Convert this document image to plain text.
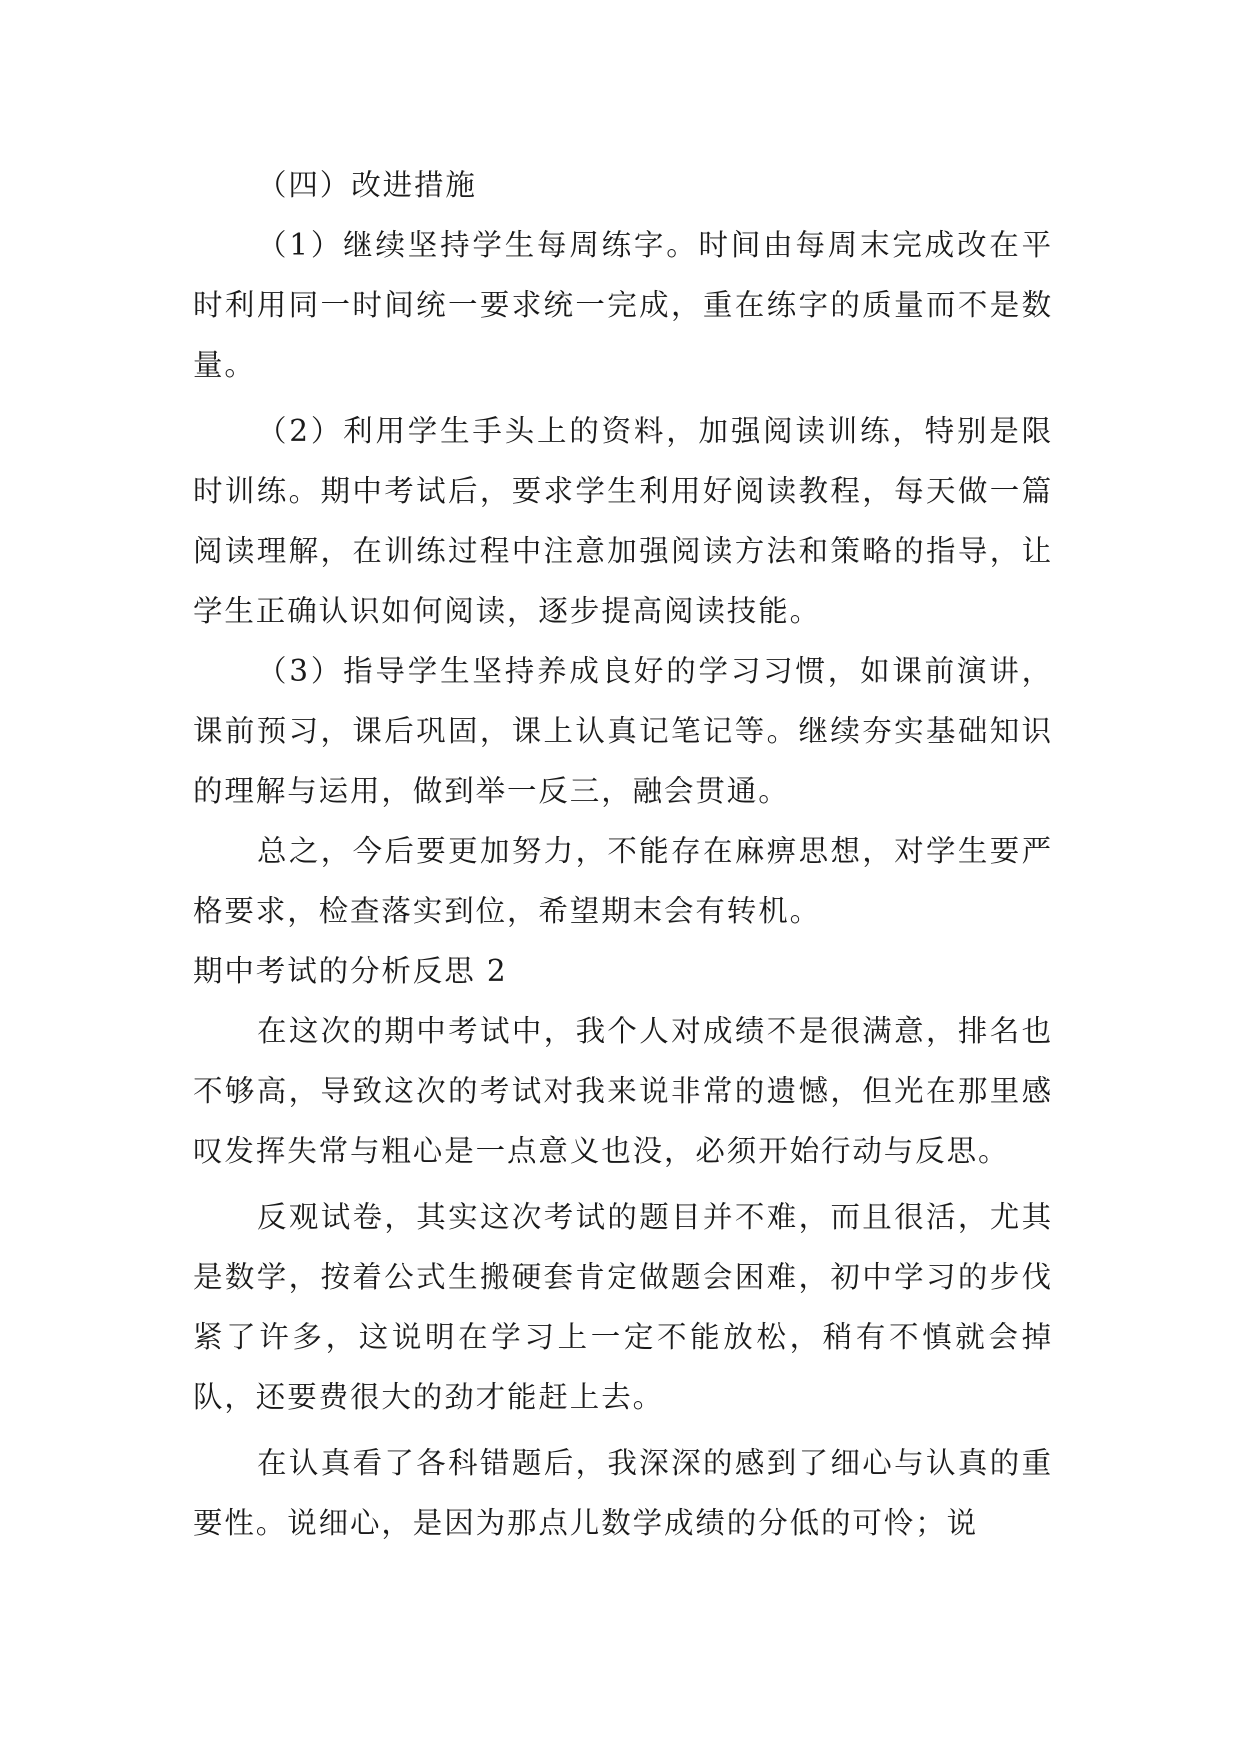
（四）改进措施

（1）继续坚持学生每周练字。时间由每周末完成改在平时利用同一时间统一要求统一完成，重在练字的质量而不是数量。

（2）利用学生手头上的资料，加强阅读训练，特别是限时训练。期中考试后，要求学生利用好阅读教程，每天做一篇阅读理解，在训练过程中注意加强阅读方法和策略的指导，让学生正确认识如何阅读，逐步提高阅读技能。

（3）指导学生坚持养成良好的学习习惯，如课前演讲，课前预习，课后巩固，课上认真记笔记等。继续夯实基础知识的理解与运用，做到举一反三，融会贯通。

总之，今后要更加努力，不能存在麻痹思想，对学生要严格要求，检查落实到位，希望期末会有转机。

期中考试的分析反思 2

在这次的期中考试中，我个人对成绩不是很满意，排名也不够高，导致这次的考试对我来说非常的遗憾，但光在那里感叹发挥失常与粗心是一点意义也没，必须开始行动与反思。

反观试卷，其实这次考试的题目并不难，而且很活，尤其是数学，按着公式生搬硬套肯定做题会困难，初中学习的步伐紧了许多，这说明在学习上一定不能放松，稍有不慎就会掉队，还要费很大的劲才能赶上去。

在认真看了各科错题后，我深深的感到了细心与认真的重要性。说细心，是因为那点儿数学成绩的分低的可怜；说
